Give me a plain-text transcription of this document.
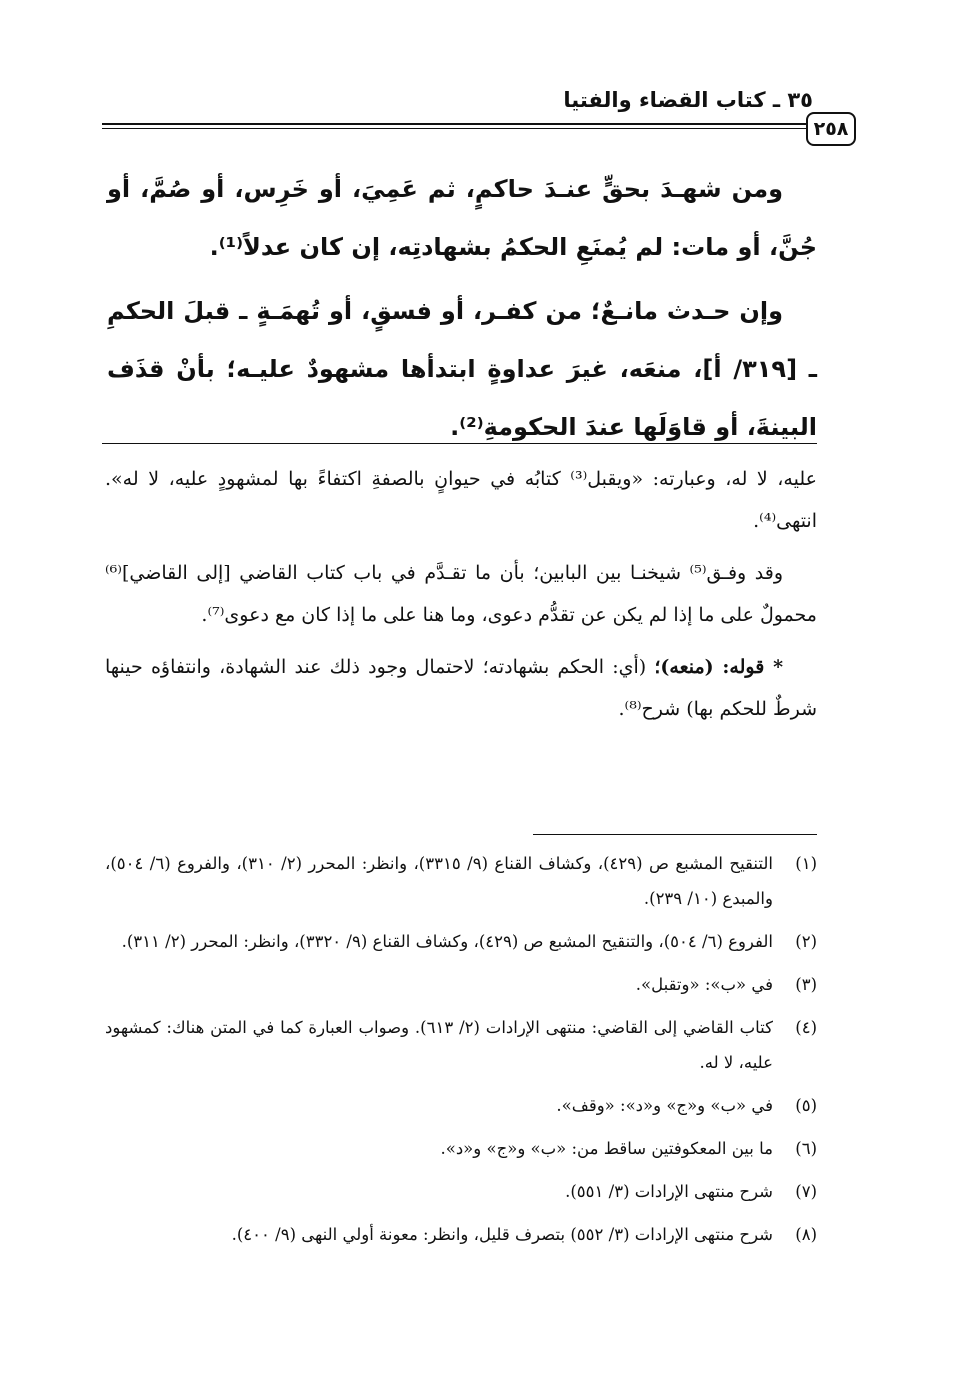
٣٥ ـ كتاب القضاء والفتيا
٢٥٨

ومن شهـدَ بحقٍّ عنـدَ حاكمٍ، ثم عَمِيَ، أو خَرِس، أو صُمَّ، أو جُنَّ، أو مات: لم يُمنَعِ الحكمُ بشهادتِه، إن كان عدلاً⁽¹⁾.

وإن حـدث مانـعٌ؛ من كفـر، أو فسقٍ، أو تُهمَـةٍ ـ قبلَ الحكمِ ـ [٣١٩/ أ]، منعَه، غيرَ عداوةٍ ابتدأها مشهودٌ عليـه؛ بأنْ قذَف البينةَ، أو قاوَلَها عندَ الحكومةِ⁽²⁾.

عليه، لا له، وعبارته: «ويقبل⁽³⁾ كتابُه في حيوانٍ بالصفةِ اكتفاءً بها لمشهودٍ عليه، لا له». انتهى⁽⁴⁾.

وقد وفـق⁽⁵⁾ شيخنـا بين البابين؛ بأن ما تقـدَّم في باب كتاب القاضي [إلى القاضي]⁽⁶⁾ محمولٌ على ما إذا لم يكن عن تقدُّم دعوى، وما هنا على ما إذا كان مع دعوى⁽⁷⁾.

* قوله: (منعه)؛ (أي: الحكم بشهادته؛ لاحتمال وجود ذلك عند الشهادة، وانتفاؤه حينها شرطٌ للحكم بها) شرح⁽⁸⁾.

(١)
التنقيح المشبع ص (٤٢٩)، وكشاف القناع (٩/ ٣٣١٥)، وانظر: المحرر (٢/ ٣١٠)، والفروع (٦/ ٥٠٤)، والمبدع (١٠/ ٢٣٩).
(٢)
الفروع (٦/ ٥٠٤)، والتنقيح المشبع ص (٤٢٩)، وكشاف القناع (٩/ ٣٣٢٠)، وانظر: المحرر (٢/ ٣١١).
(٣)
في «ب»: «وتقبل».
(٤)
كتاب القاضي إلى القاضي: منتهى الإرادات (٢/ ٦١٣). وصواب العبارة كما في المتن هناك: كمشهود عليه، لا له.
(٥)
في «ب» و«ج» و«د»: «وقف».
(٦)
ما بين المعكوفتين ساقط من: «ب» و«ج» و«د».
(٧)
شرح منتهى الإرادات (٣/ ٥٥١).
(٨)
شرح منتهى الإرادات (٣/ ٥٥٢) بتصرف قليل، وانظر: معونة أولي النهى (٩/ ٤٠٠).
